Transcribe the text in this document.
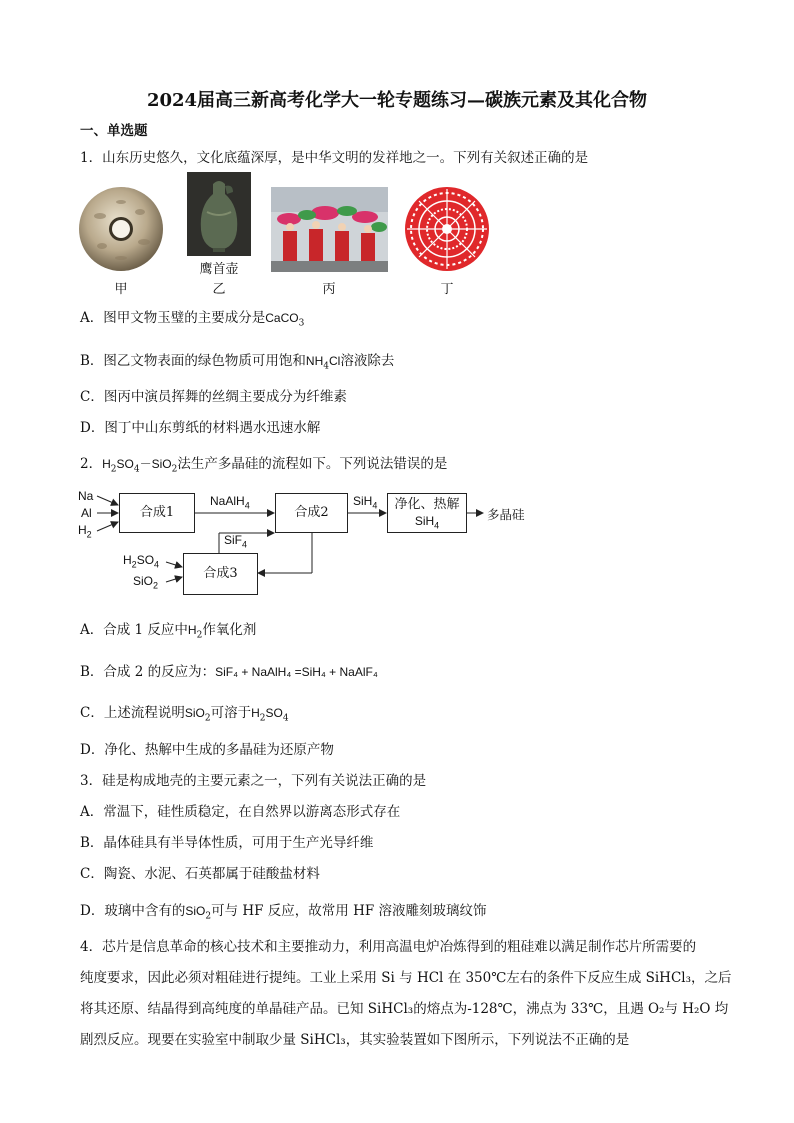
2024届高三新高考化学大一轮专题练习—碳族元素及其化合物
一、单选题
1．山东历史悠久，文化底蕴深厚，是中华文明的发祥地之一。下列有关叙述正确的是
甲
鹰首壶
乙	丙	丁
A．图甲文物玉璧的主要成分是CaCO$_3$
B．图乙文物表面的绿色物质可用饱和$NH_4Cl$溶液除去
C．图丙中演员挥舞的丝绸主要成分为纤维素
D．图丁中山东剪纸的材料遇水迅速水解
2．$H_2SO_4-SiO_2$法生产多晶硅的流程如下。下列说法错误的是
Na
Al
$H_2$
合成1
NaAlH$_4$	合成2
SiH$_4$	净化、热解
SiH$_4$
多晶硅
SiF$_4$
$H_2SO_4$
SiO$_2$
合成3
A．合成 1 反应中$H_2$作氧化剂
B．合成 2 的反应为：SiF₄ + NaAlH₄ =SiH₄ + NaAlF₄
C．上述流程说明SiO$_2$可溶于$H_2SO_4$
D．净化、热解中生成的多晶硅为还原产物
3．硅是构成地壳的主要元素之一，下列有关说法正确的是
A．常温下，硅性质稳定，在自然界以游离态形式存在
B．晶体硅具有半导体性质，可用于生产光导纤维
C．陶瓷、水泥、石英都属于硅酸盐材料
D．玻璃中含有的SiO$_2$可与 HF 反应，故常用 HF 溶液雕刻玻璃纹饰
4．芯片是信息革命的核心技术和主要推动力，利用高温电炉冶炼得到的粗硅难以满足制作芯片所需要的
纯度要求，因此必须对粗硅进行提纯。工业上采用 Si 与 HCl 在 350℃左右的条件下反应生成 SiHCl₃，之后
将其还原、结晶得到高纯度的单晶硅产品。已知 SiHCl₃的熔点为-128℃，沸点为 33℃，且遇 O₂与 H₂O 均
剧烈反应。现要在实验室中制取少量 SiHCl₃，其实验装置如下图所示，下列说法不正确的是
